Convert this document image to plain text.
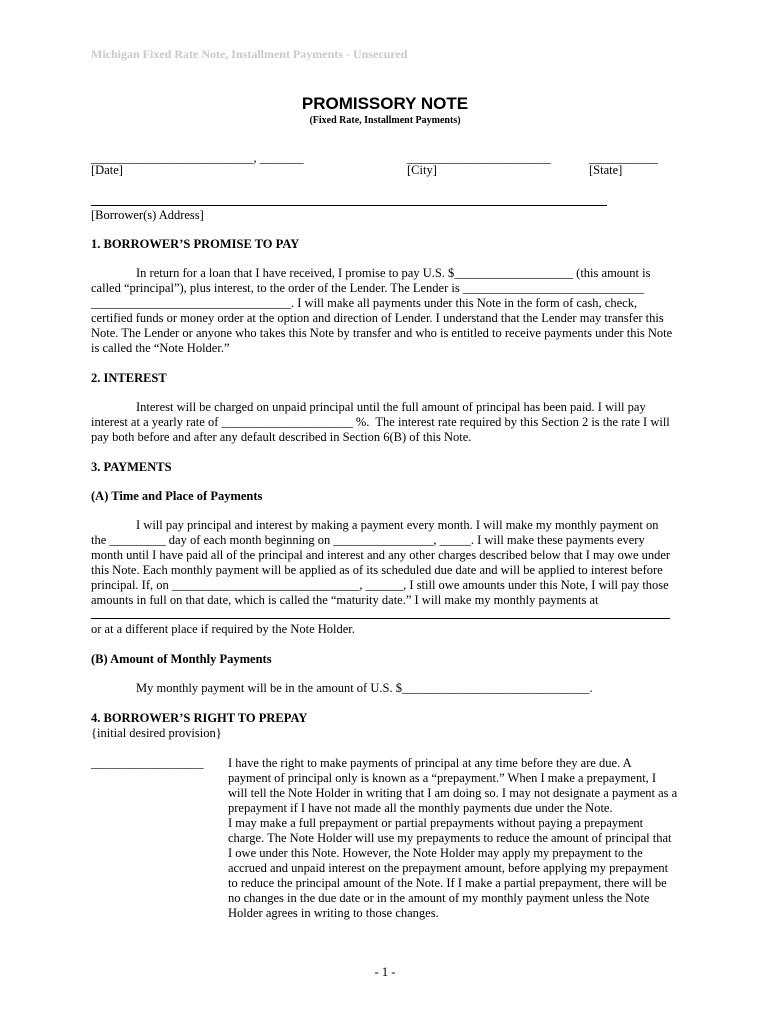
Michigan Fixed Rate Note, Installment Payments - Unsecured
PROMISSORY NOTE
(Fixed Rate, Installment Payments)
__________________________, _______
[Date]
_______________________
[City]
___________
[State]
[Borrower(s) Address]
1. BORROWER’S PROMISE TO PAY
In return for a loan that I have received, I promise to pay U.S. $___________________ (this amount is
called “principal”), plus interest, to the order of the Lender. The Lender is _____________________________
________________________________. I will make all payments under this Note in the form of cash, check,
certified funds or money order at the option and direction of Lender. I understand that the Lender may transfer this
Note. The Lender or anyone who takes this Note by transfer and who is entitled to receive payments under this Note
is called the “Note Holder.”
2. INTEREST
Interest will be charged on unpaid principal until the full amount of principal has been paid. I will pay
interest at a yearly rate of _____________________ %.  The interest rate required by this Section 2 is the rate I will
pay both before and after any default described in Section 6(B) of this Note.
3. PAYMENTS
(A) Time and Place of Payments
I will pay principal and interest by making a payment every month. I will make my monthly payment on
the _________ day of each month beginning on ________________, _____. I will make these payments every
month until I have paid all of the principal and interest and any other charges described below that I may owe under
this Note. Each monthly payment will be applied as of its scheduled due date and will be applied to interest before
principal. If, on ______________________________, ______, I still owe amounts under this Note, I will pay those
amounts in full on that date, which is called the “maturity date.” I will make my monthly payments at
or at a different place if required by the Note Holder.
(B) Amount of Monthly Payments
My monthly payment will be in the amount of U.S. $______________________________.
4. BORROWER’S RIGHT TO PREPAY
{initial desired provision}
__________________ I have the right to make payments of principal at any time before they are due. A
payment of principal only is known as a “prepayment.” When I make a prepayment, I
will tell the Note Holder in writing that I am doing so. I may not designate a payment as a
prepayment if I have not made all the monthly payments due under the Note.
I may make a full prepayment or partial prepayments without paying a prepayment
charge. The Note Holder will use my prepayments to reduce the amount of principal that
I owe under this Note. However, the Note Holder may apply my prepayment to the
accrued and unpaid interest on the prepayment amount, before applying my prepayment
to reduce the principal amount of the Note. If I make a partial prepayment, there will be
no changes in the due date or in the amount of my monthly payment unless the Note
Holder agrees in writing to those changes.
- 1 -
